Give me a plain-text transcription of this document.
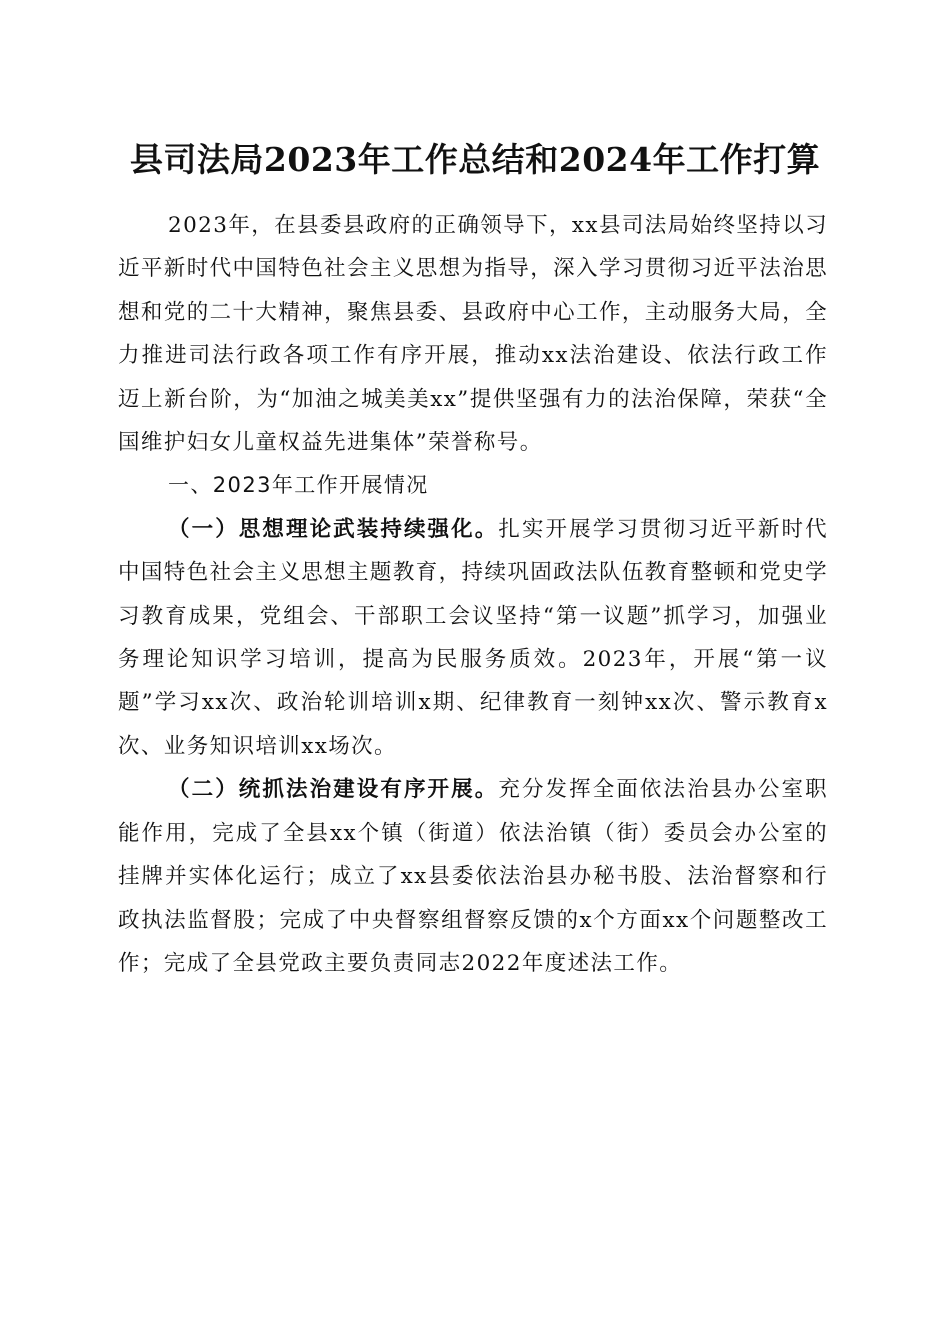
县司法局2023年工作总结和2024年工作打算

2023年，在县委县政府的正确领导下，xx县司法局始终坚持以习近平新时代中国特色社会主义思想为指导，深入学习贯彻习近平法治思想和党的二十大精神，聚焦县委、县政府中心工作，主动服务大局，全力推进司法行政各项工作有序开展，推动xx法治建设、依法行政工作迈上新台阶，为“加油之城美美xx”提供坚强有力的法治保障，荣获“全国维护妇女儿童权益先进集体”荣誉称号。

一、2023年工作开展情况

（一）思想理论武装持续强化。扎实开展学习贯彻习近平新时代中国特色社会主义思想主题教育，持续巩固政法队伍教育整顿和党史学习教育成果，党组会、干部职工会议坚持“第一议题”抓学习，加强业务理论知识学习培训，提高为民服务质效。2023年，开展“第一议题”学习xx次、政治轮训培训x期、纪律教育一刻钟xx次、警示教育x次、业务知识培训xx场次。

（二）统抓法治建设有序开展。充分发挥全面依法治县办公室职能作用，完成了全县xx个镇（街道）依法治镇（街）委员会办公室的挂牌并实体化运行；成立了xx县委依法治县办秘书股、法治督察和行政执法监督股；完成了中央督察组督察反馈的x个方面xx个问题整改工作；完成了全县党政主要负责同志2022年度述法工作。
